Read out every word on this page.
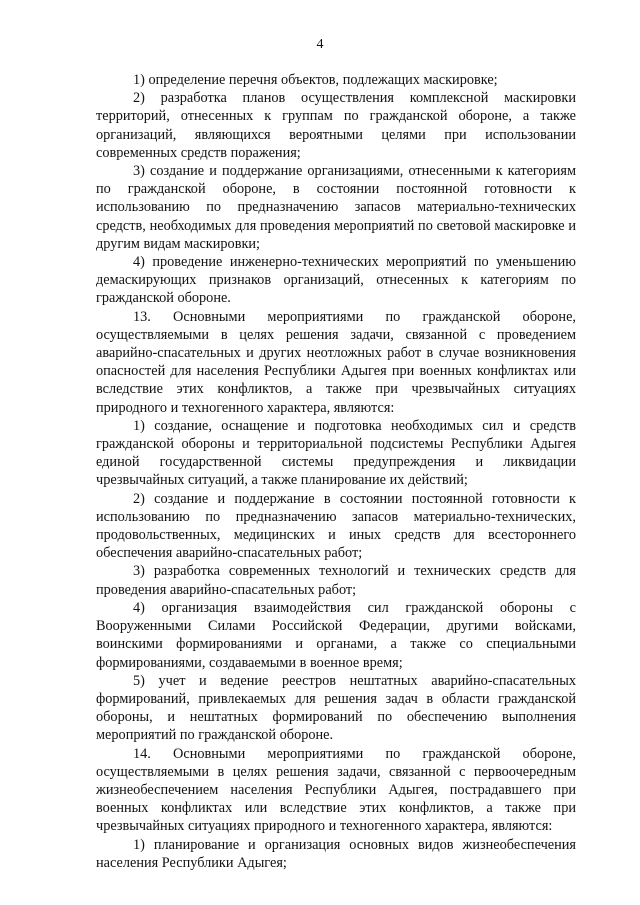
4

1) определение перечня объектов, подлежащих маскировке;

2) разработка планов осуществления комплексной маскировки территорий, отнесенных к группам по гражданской обороне, а также организаций, являющихся вероятными целями при использовании современных средств поражения;

3) создание и поддержание организациями, отнесенными к категориям по гражданской обороне, в состоянии постоянной готовности к использованию по предназначению запасов материально-технических средств, необходимых для проведения мероприятий по световой маскировке и другим видам маскировки;

4) проведение инженерно-технических мероприятий по уменьшению демаскирующих признаков организаций, отнесенных к категориям по гражданской обороне.

13. Основными мероприятиями по гражданской обороне, осуществляемыми в целях решения задачи, связанной с проведением аварийно-спасательных и других неотложных работ в случае возникновения опасностей для населения Республики Адыгея при военных конфликтах или вследствие этих конфликтов, а также при чрезвычайных ситуациях природного и техногенного характера, являются:

1) создание, оснащение и подготовка необходимых сил и средств гражданской обороны и территориальной подсистемы Республики Адыгея единой государственной системы предупреждения и ликвидации чрезвычайных ситуаций, а также планирование их действий;

2) создание и поддержание в состоянии постоянной готовности к использованию по предназначению запасов материально-технических, продовольственных, медицинских и иных средств для всестороннего обеспечения аварийно-спасательных работ;

3) разработка современных технологий и технических средств для проведения аварийно-спасательных работ;

4) организация взаимодействия сил гражданской обороны с Вооруженными Силами Российской Федерации, другими войсками, воинскими формированиями и органами, а также со специальными формированиями, создаваемыми в военное время;

5) учет и ведение реестров нештатных аварийно-спасательных формирований, привлекаемых для решения задач в области гражданской обороны, и нештатных формирований по обеспечению выполнения мероприятий по гражданской обороне.

14. Основными мероприятиями по гражданской обороне, осуществляемыми в целях решения задачи, связанной с первоочередным жизнеобеспечением населения Республики Адыгея, пострадавшего при военных конфликтах или вследствие этих конфликтов, а также при чрезвычайных ситуациях природного и техногенного характера, являются:

1) планирование и организация основных видов жизнеобеспечения населения Республики Адыгея;
